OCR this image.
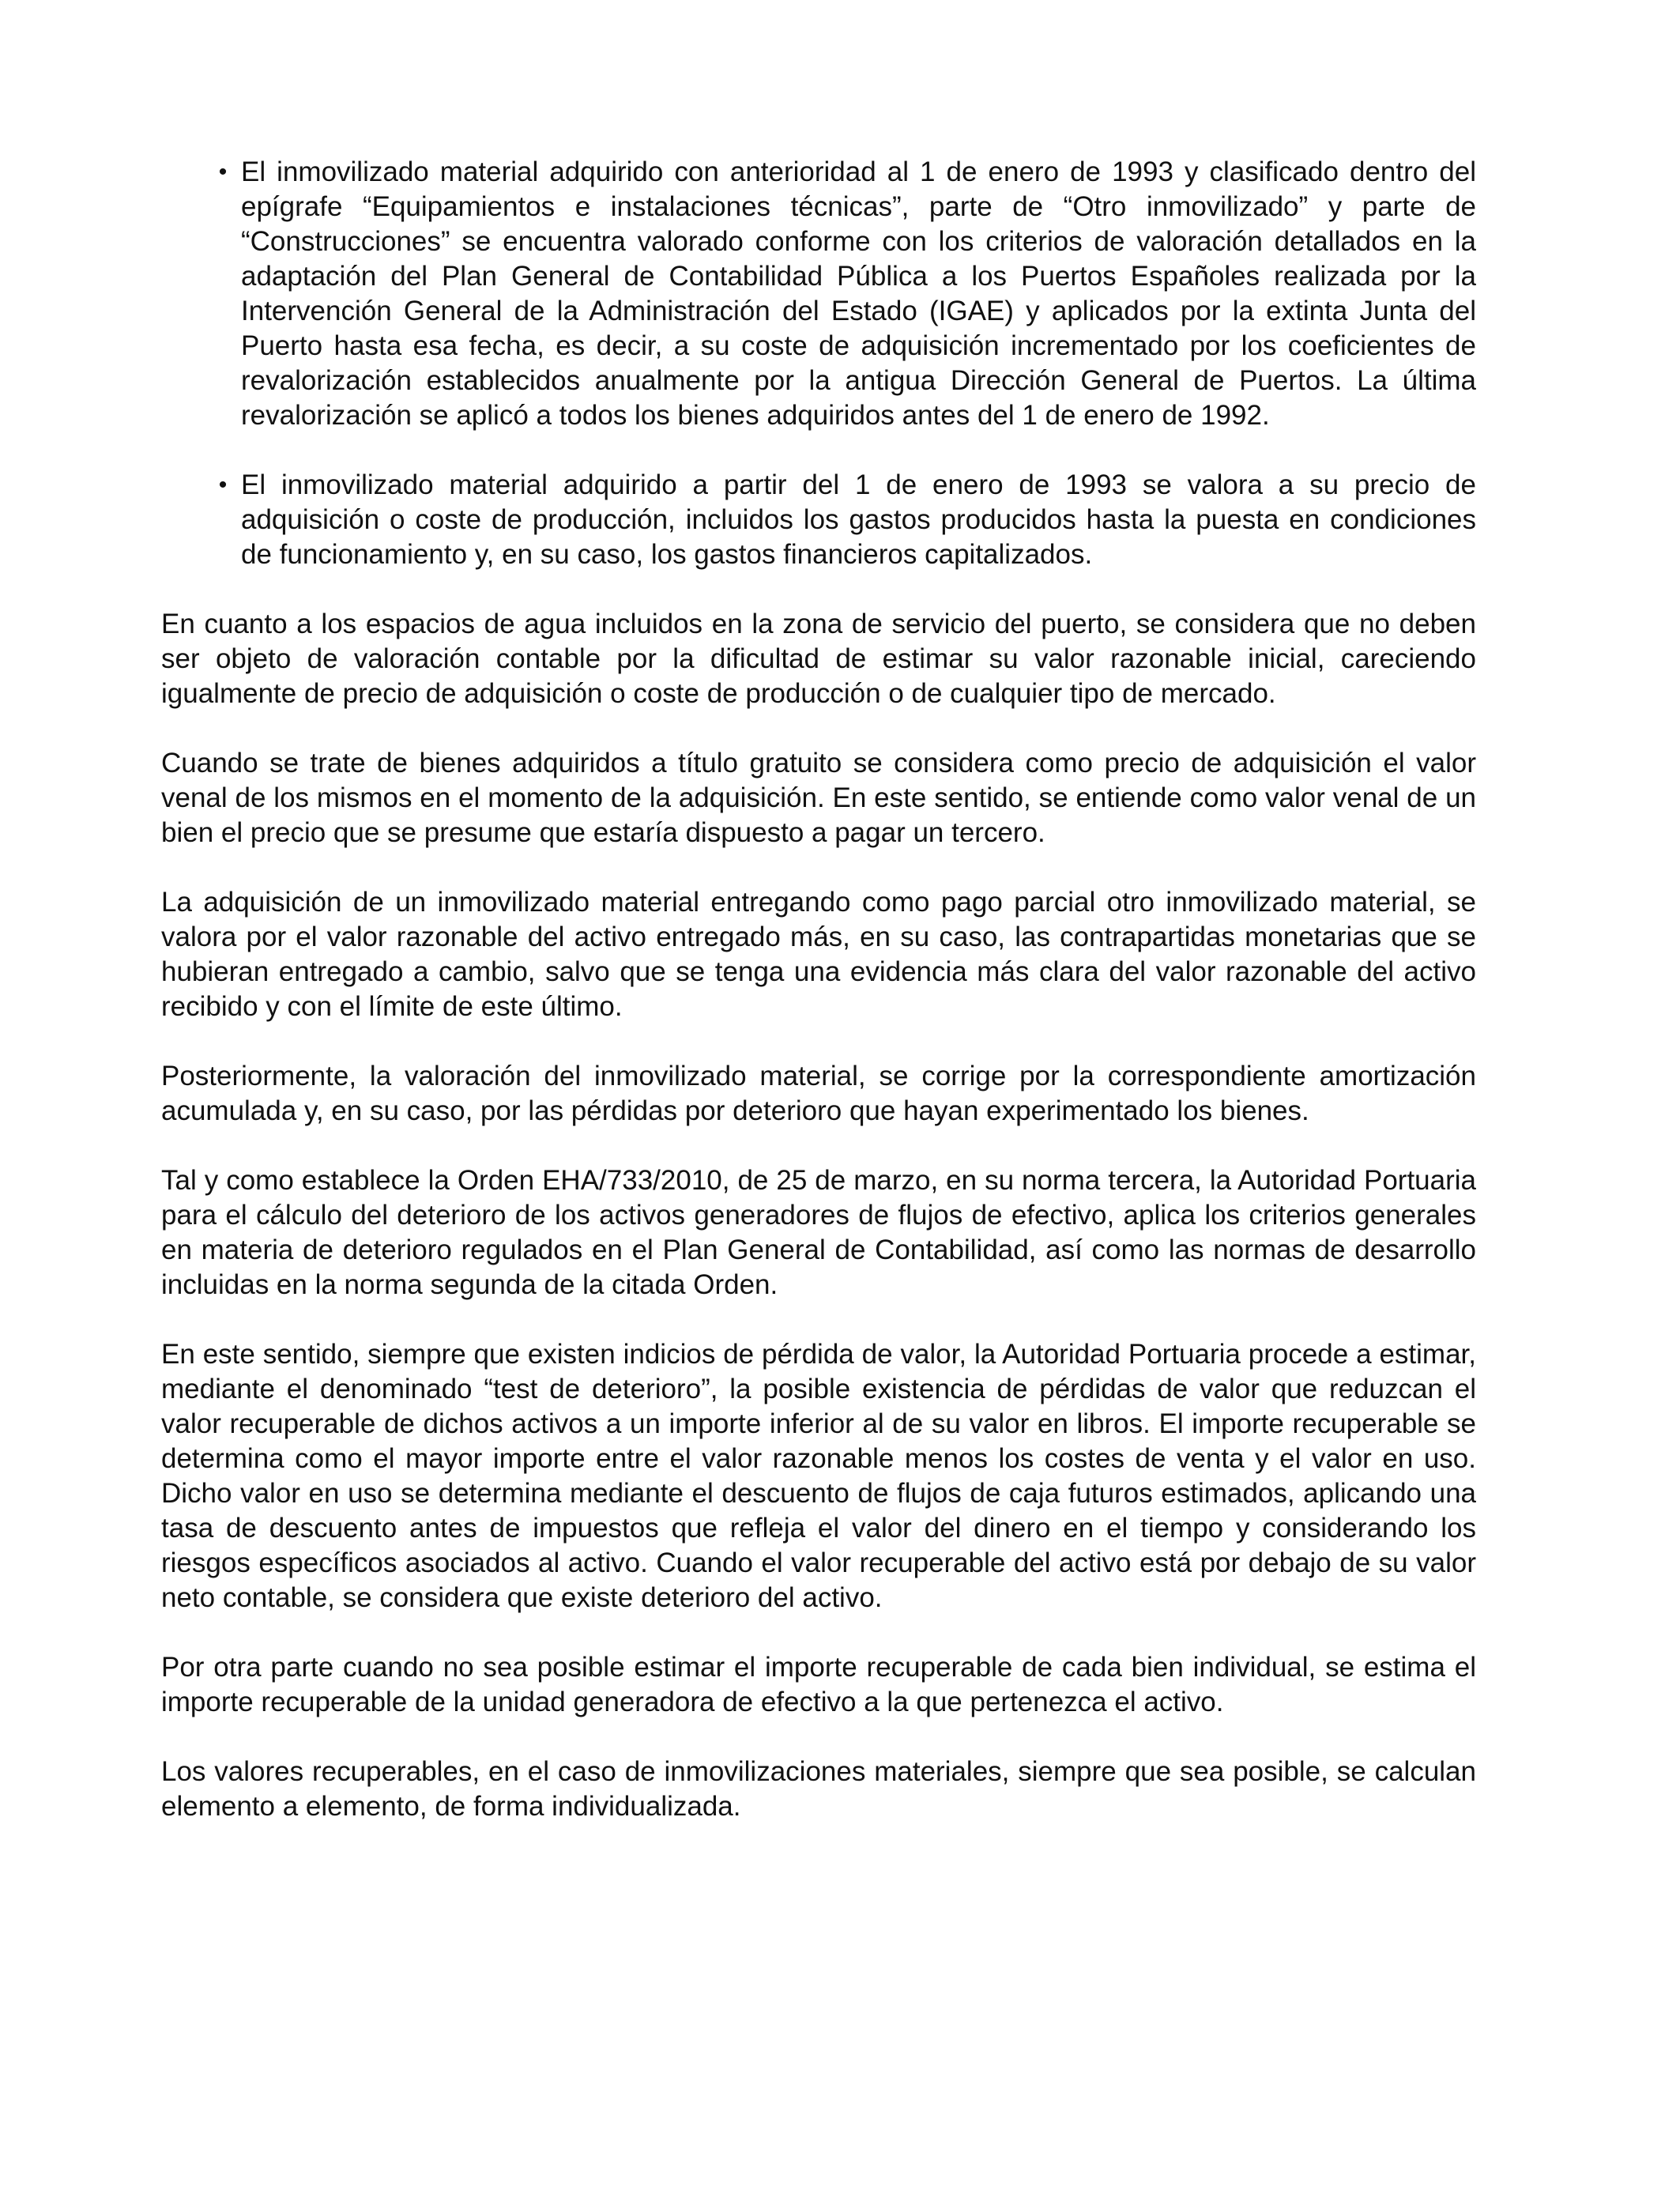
• El inmovilizado material adquirido con anterioridad al 1 de enero de 1993 y clasificado dentro del epígrafe “Equipamientos e instalaciones técnicas”, parte de “Otro inmovilizado” y parte de “Construcciones” se encuentra valorado conforme con los criterios de valoración detallados en la adaptación del Plan General de Contabilidad Pública a los Puertos Españoles realizada por la Intervención General de la Administración del Estado (IGAE) y aplicados por la extinta Junta del Puerto hasta esa fecha, es decir, a su coste de adquisición incrementado por los coeficientes de revalorización establecidos anualmente por la antigua Dirección General de Puertos. La última revalorización se aplicó a todos los bienes adquiridos antes del 1 de enero de 1992.
• El inmovilizado material adquirido a partir del 1 de enero de 1993 se valora a su precio de adquisición o coste de producción, incluidos los gastos producidos hasta la puesta en condiciones de funcionamiento y, en su caso, los gastos financieros capitalizados.

En cuanto a los espacios de agua incluidos en la zona de servicio del puerto, se considera que no deben ser objeto de valoración contable por la dificultad de estimar su valor razonable inicial, careciendo igualmente de precio de adquisición o coste de producción o de cualquier tipo de mercado.

Cuando se trate de bienes adquiridos a título gratuito se considera como precio de adquisición el valor venal de los mismos en el momento de la adquisición. En este sentido, se entiende como valor venal de un bien el precio que se presume que estaría dispuesto a pagar un tercero.

La adquisición de un inmovilizado material entregando como pago parcial otro inmovilizado material, se valora por el valor razonable del activo entregado más, en su caso, las contrapartidas monetarias que se hubieran entregado a cambio, salvo que se tenga una evidencia más clara del valor razonable del activo recibido y con el límite de este último.

Posteriormente, la valoración del inmovilizado material, se corrige por la correspondiente amortización acumulada y, en su caso, por las pérdidas por deterioro que hayan experimentado los bienes.

Tal y como establece la Orden EHA/733/2010, de 25 de marzo, en su norma tercera, la Autoridad Portuaria para el cálculo del deterioro de los activos generadores de flujos de efectivo, aplica los criterios generales en materia de deterioro regulados en el Plan General de Contabilidad, así como las normas de desarrollo incluidas en la norma segunda de la citada Orden.

En este sentido, siempre que existen indicios de pérdida de valor, la Autoridad Portuaria procede a estimar, mediante el denominado “test de deterioro”, la posible existencia de pérdidas de valor que reduzcan el valor recuperable de dichos activos a un importe inferior al de su valor en libros. El importe recuperable se determina como el mayor importe entre el valor razonable menos los costes de venta y el valor en uso. Dicho valor en uso se determina mediante el descuento de flujos de caja futuros estimados, aplicando una tasa de descuento antes de impuestos que refleja el valor del dinero en el tiempo y considerando los riesgos específicos asociados al activo. Cuando el valor recuperable del activo está por debajo de su valor neto contable, se considera que existe deterioro del activo.

Por otra parte cuando no sea posible estimar el importe recuperable de cada bien individual, se estima el importe recuperable de la unidad generadora de efectivo a la que pertenezca el activo.

Los valores recuperables, en el caso de inmovilizaciones materiales, siempre que sea posible, se calculan elemento a elemento, de forma individualizada.
